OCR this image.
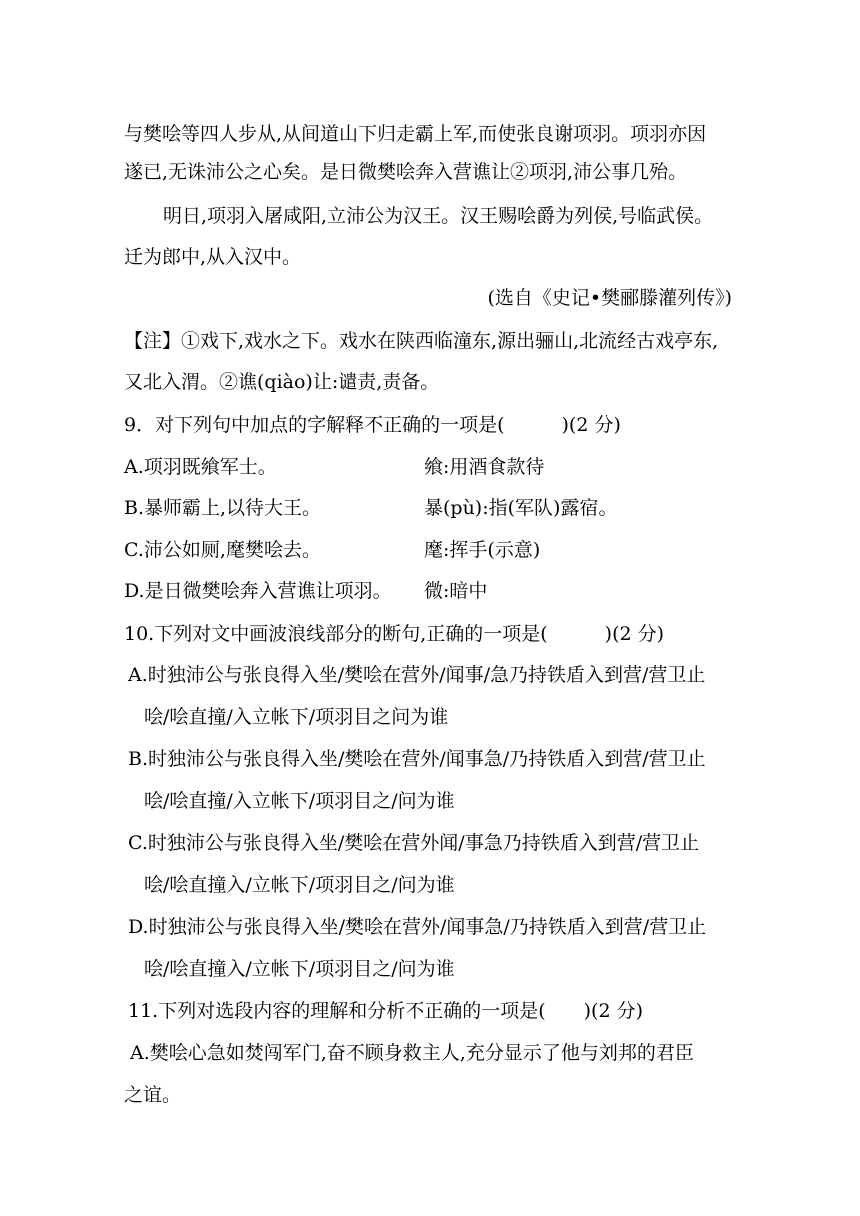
与樊哙等四人步从,从间道山下归走霸上军,而使张良谢项羽。项羽亦因
遂已,无诛沛公之心矣。是日微樊哙奔入营谯让②项羽,沛公事几殆。
明日,项羽入屠咸阳,立沛公为汉王。汉王赐哙爵为列侯,号临武侯。
迁为郎中,从入汉中。
(选自《史记•樊郦滕灌列传》)
【注】①戏下,戏水之下。戏水在陕西临潼东,源出骊山,北流经古戏亭东,
又北入渭。②谯(qiào)让:谴责,责备。
9．对下列句中加点的字解释不正确的一项是(　　　)(2 分)
A.项羽既飨军士。	飨:用酒食款待
B.暴师霸上,以待大王。	暴(pù):指(军队)露宿。
C.沛公如厕,麾樊哙去。	麾:挥手(示意)
D.是日微樊哙奔入营谯让项羽。 微:暗中
10.下列对文中画波浪线部分的断句,正确的一项是(　　　)(2 分)
A.时独沛公与张良得入坐/樊哙在营外/闻事/急乃持铁盾入到营/营卫止
哙/哙直撞/入立帐下/项羽目之问为谁
B.时独沛公与张良得入坐/樊哙在营外/闻事急/乃持铁盾入到营/营卫止
哙/哙直撞/入立帐下/项羽目之/问为谁
C.时独沛公与张良得入坐/樊哙在营外闻/事急乃持铁盾入到营/营卫止
哙/哙直撞入/立帐下/项羽目之/问为谁
D.时独沛公与张良得入坐/樊哙在营外/闻事急/乃持铁盾入到营/营卫止
哙/哙直撞入/立帐下/项羽目之/问为谁
11.下列对选段内容的理解和分析不正确的一项是(　　)(2 分)
A.樊哙心急如焚闯军门,奋不顾身救主人,充分显示了他与刘邦的君臣
之谊。
